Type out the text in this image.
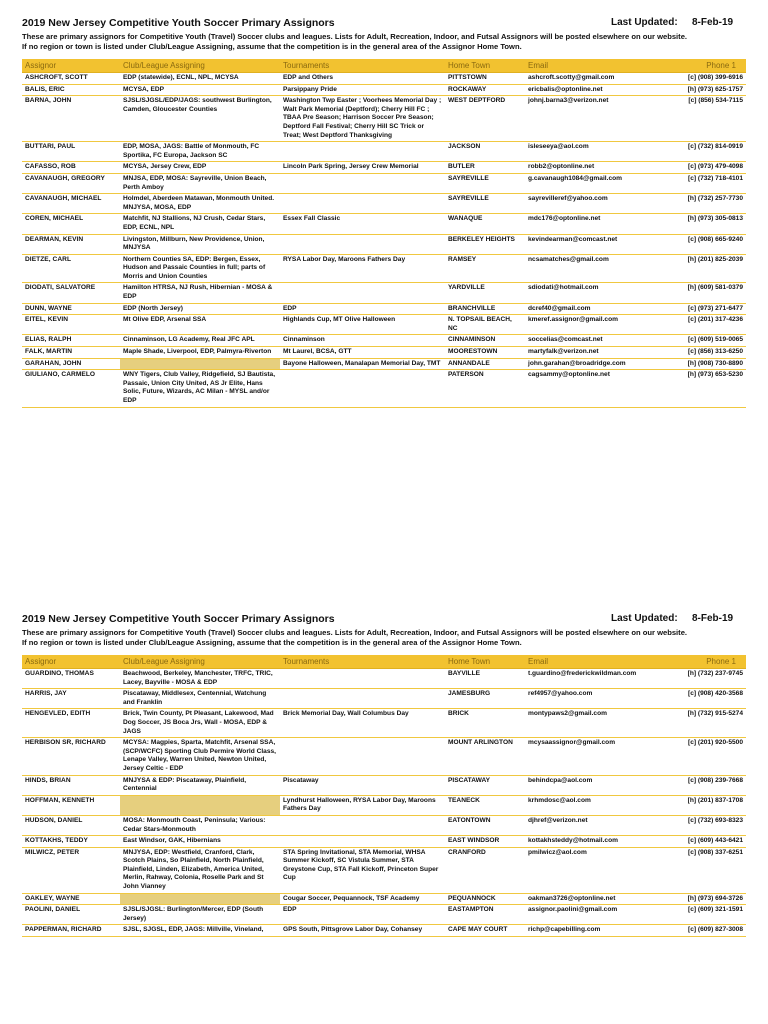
2019 New Jersey Competitive Youth Soccer Primary Assignors	Last Updated: 8-Feb-19
These are primary assignors for Competitive Youth (Travel) Soccer clubs and leagues. Lists for Adult, Recreation, Indoor, and Futsal Assignors will be posted elsewhere on our website.
If no region or town is listed under Club/League Assigning, assume that the competition is in the general area of the Assignor Home Town.
Assignor	Club/League Assigning	Tournaments	Home Town	Email	Phone 1
ASHCROFT, SCOTT	EDP (statewide), ECNL, NPL, MCYSA	EDP and Others	PITTSTOWN	ashcroft.scotty@gmail.com	[c] (908) 399-6916
BALIS, ERIC	MCYSA, EDP	Parsippany Pride	ROCKAWAY	ericbalis@optonline.net	[h] (973) 625-1757
BARNA, JOHN	SJSL/SJGSL/EDP/JAGS: southwest Burlington, Camden, Gloucester Counties	Washington Twp Easter ; Voorhees Memorial Day ; Walt Park Memorial (Deptford); Cherry Hill FC ; TBAA Pre Season; Harrison Soccer Pre Season; Deptford Fall Festival; Cherry Hill SC Trick or Treat; West Deptford Thanksgiving	WEST DEPTFORD	johnj.barna3@verizon.net	[c] (856) 534-7115
BUTTARI, PAUL	EDP, MOSA, JAGS: Battle of Monmouth, FC Sportika, FC Europa, Jackson SC		JACKSON	isleseeya@aol.com	[c] (732) 814-0919
CAFASSO, ROB	MCYSA, Jersey Crew, EDP	Lincoln Park Spring, Jersey Crew Memorial	BUTLER	robb2@optonline.net	[c] (973) 479-4098
CAVANAUGH, GREGORY	MNJSA, EDP, MOSA: Sayreville, Union Beach, Perth Amboy		SAYREVILLE	g.cavanaugh1084@gmail.com	[c] (732) 718-4101
CAVANAUGH, MICHAEL	Holmdel, Aberdeen Matawan, Monmouth United. MNJYSA, MOSA, EDP		SAYREVILLE	sayrevilleref@yahoo.com	[h] (732) 257-7730
COREN, MICHAEL	Matchfit, NJ Stallions, NJ Crush, Cedar Stars, EDP, ECNL, NPL	Essex Fall Classic	WANAQUE	mdc176@optonline.net	[h] (973) 305-0813
DEARMAN, KEVIN	Livingston, Millburn, New Providence, Union, MNJYSA		BERKELEY HEIGHTS	kevindearman@comcast.net	[c] (908) 665-9240
DIETZE, CARL	Northern Counties SA, EDP: Bergen, Essex, Hudson and Passaic Counties in full; parts of Morris and Union Counties	RYSA Labor Day, Maroons Fathers Day	RAMSEY	ncsamatches@gmail.com	[h] (201) 825-2039
DIODATI, SALVATORE	Hamilton HTRSA, NJ Rush, Hibernian - MOSA & EDP		YARDVILLE	sdiodati@hotmail.com	[h] (609) 581-0379
DUNN, WAYNE	EDP (North Jersey)	EDP	BRANCHVILLE	dcref40@gmail.com	[c] (973) 271-6477
EITEL, KEVIN	Mt Olive EDP, Arsenal SSA	Highlands Cup, MT Olive Halloween	N. TOPSAIL BEACH, NC	kmeref.assignor@gmail.com	[c] (201) 317-4236
ELIAS, RALPH	Cinnaminson, LG Academy, Real JFC APL	Cinnaminson	CINNAMINSON	soccelias@comcast.net	[c] (609) 519-0065
FALK, MARTIN	Maple Shade, Liverpool, EDP, Palmyra-Riverton	Mt Laurel, BCSA, GTT	MOORESTOWN	martyfalk@verizon.net	[c] (856) 313-6250
GARAHAN, JOHN		Bayone Halloween, Manalapan Memorial Day, TMT	ANNANDALE	john.garahan@broadridge.com	[h] (908) 730-8890
GIULIANO, CARMELO	WNY Tigers, Club Valley, Ridgefield, SJ Bautista, Passaic, Union City United, AS Jr Elite, Hans Solic, Future, Wizards, AC Milan - MYSL and/or EDP		PATERSON	cagsammy@optonline.net	[h] (973) 653-5230
2019 New Jersey Competitive Youth Soccer Primary Assignors	Last Updated: 8-Feb-19
These are primary assignors for Competitive Youth (Travel) Soccer clubs and leagues. Lists for Adult, Recreation, Indoor, and Futsal Assignors will be posted elsewhere on our website.
If no region or town is listed under Club/League Assigning, assume that the competition is in the general area of the Assignor Home Town.
Assignor	Club/League Assigning	Tournaments	Home Town	Email	Phone 1
GUARDINO, THOMAS	Beachwood, Berkeley, Manchester, TRFC, TRIC, Lacey, Bayville - MOSA & EDP		BAYVILLE	t.guardino@frederickwildman.com	[h] (732) 237-9745
HARRIS, JAY	Piscataway, Middlesex, Centennial, Watchung and Franklin		JAMESBURG	ref4957@yahoo.com	[c] (908) 420-3568
HENGEVLED, EDITH	Brick, Twin County, Pt Pleasant, Lakewood, Mad Dog Soccer, JS Boca Jrs, Wall - MOSA, EDP & JAGS	Brick Memorial Day, Wall Columbus Day	BRICK	montypaws2@gmail.com	[h] (732) 915-5274
HERBISON SR, RICHARD	MCYSA: Magpies, Sparta, Matchfit, Arsenal SSA, (SCP/WCFC) Sporting Club Permire World Class, Lenape Valley, Warren United, Newton United, Jersey Celtic - EDP		MOUNT ARLINGTON	mcysaassignor@gmail.com	[c] (201) 920-5500
HINDS, BRIAN	MNJYSA & EDP: Piscataway, Plainfield, Centennial	Piscataway	PISCATAWAY	behindcpa@aol.com	[c] (908) 239-7668
HOFFMAN, KENNETH		Lyndhurst Halloween, RYSA Labor Day, Maroons Fathers Day	TEANECK	krhmdosc@aol.com	[h] (201) 837-1708
HUDSON, DANIEL	MOSA: Monmouth Coast, Peninsula; Various: Cedar Stars-Monmouth		EATONTOWN	djhref@verizon.net	[c] (732) 693-8323
KOTTAKHS, TEDDY	East Windsor, GAK, Hibernians		EAST WINDSOR	kottakhsteddy@hotmail.com	[c] (609) 443-6421
MILWICZ, PETER	MNJYSA, EDP: Westfield, Cranford, Clark, Scotch Plains, So Plainfield, North Plainfield, Plainfield, Linden, Elizabeth, America United, Merlin, Rahway, Colonia, Roselle Park and St John Vianney	STA Spring Invitational, STA Memorial, WHSA Summer Kickoff, SC Vistula Summer, STA Greystone Cup, STA Fall Kickoff, Princeton Super Cup	CRANFORD	pmilwicz@aol.com	[c] (908) 337-6251
OAKLEY, WAYNE		Cougar Soccer, Pequannock, TSF Academy	PEQUANNOCK	oakman3726@optonline.net	[h] (973) 694-3726
PAOLINI, DANIEL	SJSL/SJGSL: Burlington/Mercer, EDP (South Jersey)	EDP	EASTAMPTON	assignor.paolini@gmail.com	[c] (609) 321-1591
PAPPERMAN, RICHARD	SJSL, SJGSL, EDP, JAGS: Millville, Vineland,	GPS South, Pittsgrove Labor Day, Cohansey	CAPE MAY COURT	richp@capebilling.com	[c] (609) 827-3008
